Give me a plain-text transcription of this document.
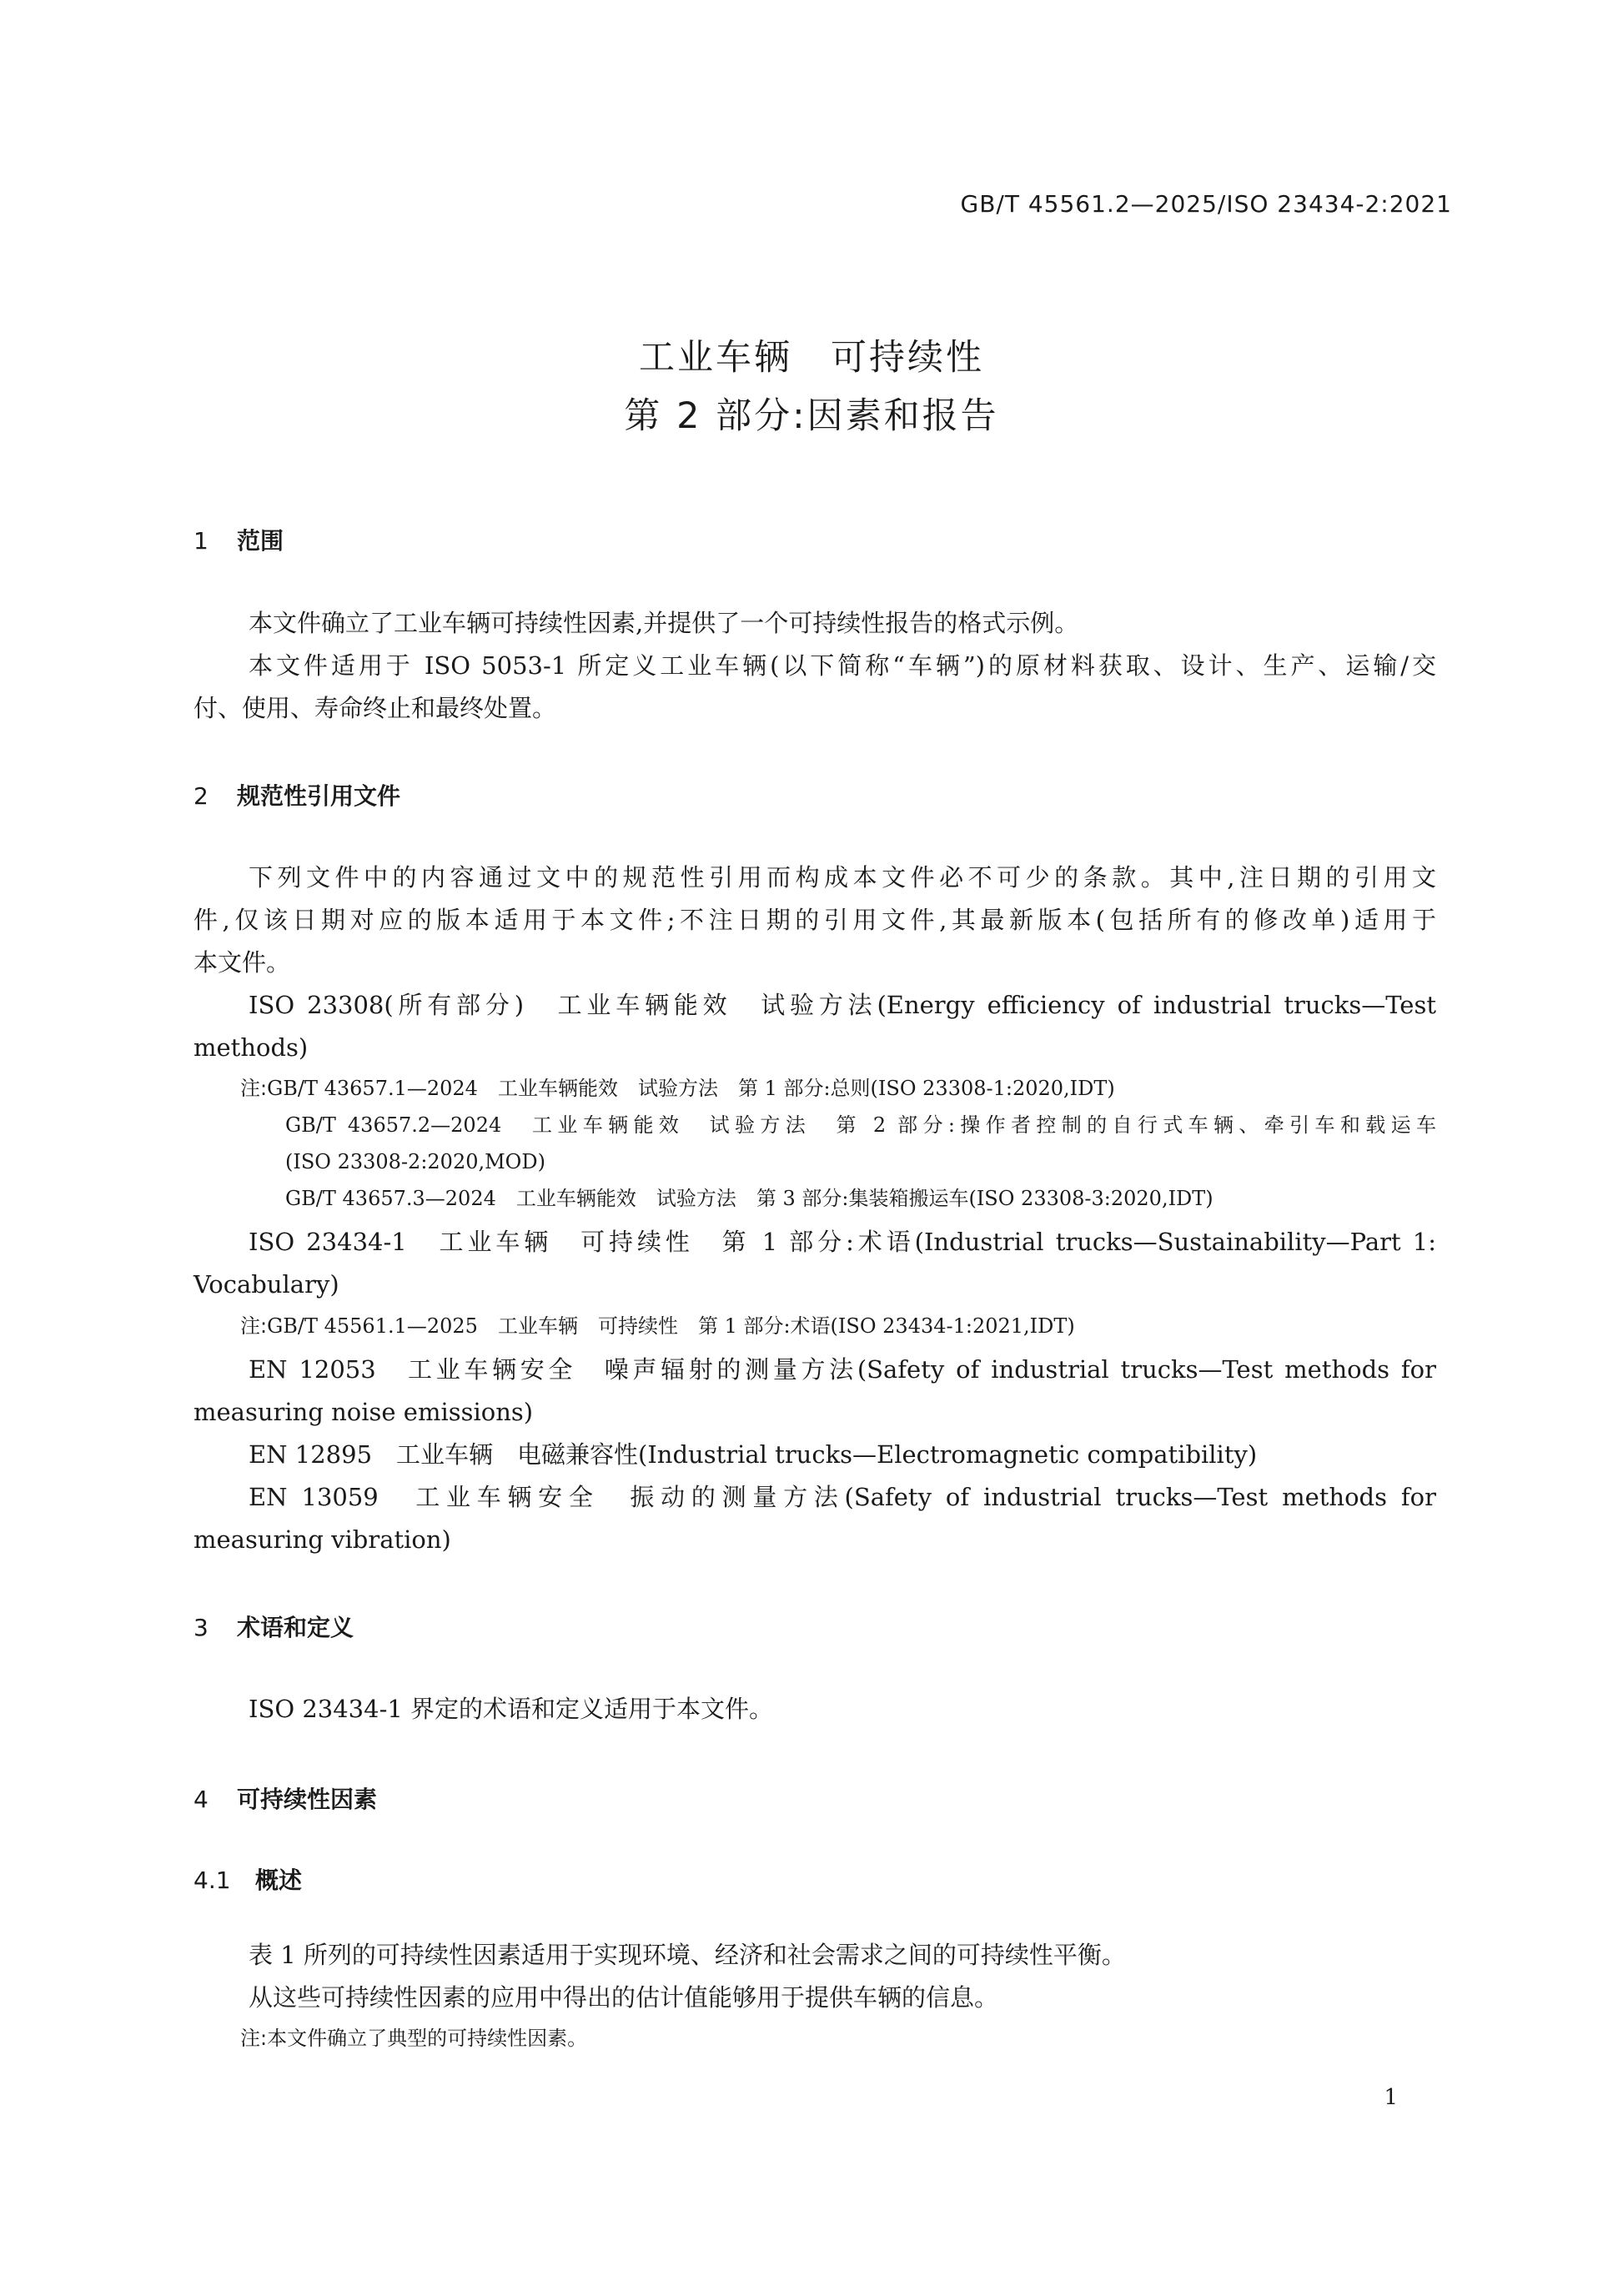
GB/T 45561.2—2025/ISO 23434-2:2021
工业车辆　可持续性
第 2 部分:因素和报告
1 范围
本文件确立了工业车辆可持续性因素,并提供了一个可持续性报告的格式示例。
本文件适用于 ISO 5053-1 所定义工业车辆(以下简称“车辆”)的原材料获取、设计、生产、运输/交
付、使用、寿命终止和最终处置。
2 规范性引用文件
下列文件中的内容通过文中的规范性引用而构成本文件必不可少的条款。其中,注日期的引用文
件,仅该日期对应的版本适用于本文件;不注日期的引用文件,其最新版本(包括所有的修改单)适用于
本文件。
ISO 23308(所有部分)　工业车辆能效　试验方法(Energy efficiency of industrial trucks—Test
methods)
注:GB/T 43657.1—2024　工业车辆能效　试验方法　第 1 部分:总则(ISO 23308-1:2020,IDT)
GB/T 43657.2—2024　工业车辆能效　试验方法　第 2 部分:操作者控制的自行式车辆、牵引车和载运车
(ISO 23308-2:2020,MOD)
GB/T 43657.3—2024　工业车辆能效　试验方法　第 3 部分:集装箱搬运车(ISO 23308-3:2020,IDT)
ISO 23434-1　工业车辆　可持续性　第 1 部分:术语(Industrial trucks—Sustainability—Part 1:
Vocabulary)
注:GB/T 45561.1—2025　工业车辆　可持续性　第 1 部分:术语(ISO 23434-1:2021,IDT)
EN 12053　工业车辆安全　噪声辐射的测量方法(Safety of industrial trucks—Test methods for
measuring noise emissions)
EN 12895　工业车辆　电磁兼容性(Industrial trucks—Electromagnetic compatibility)
EN 13059　工业车辆安全　振动的测量方法(Safety of industrial trucks—Test methods for
measuring vibration)
3 术语和定义
ISO 23434-1 界定的术语和定义适用于本文件。
4 可持续性因素
4.1 概述
表 1 所列的可持续性因素适用于实现环境、经济和社会需求之间的可持续性平衡。
从这些可持续性因素的应用中得出的估计值能够用于提供车辆的信息。
注:本文件确立了典型的可持续性因素。
1
